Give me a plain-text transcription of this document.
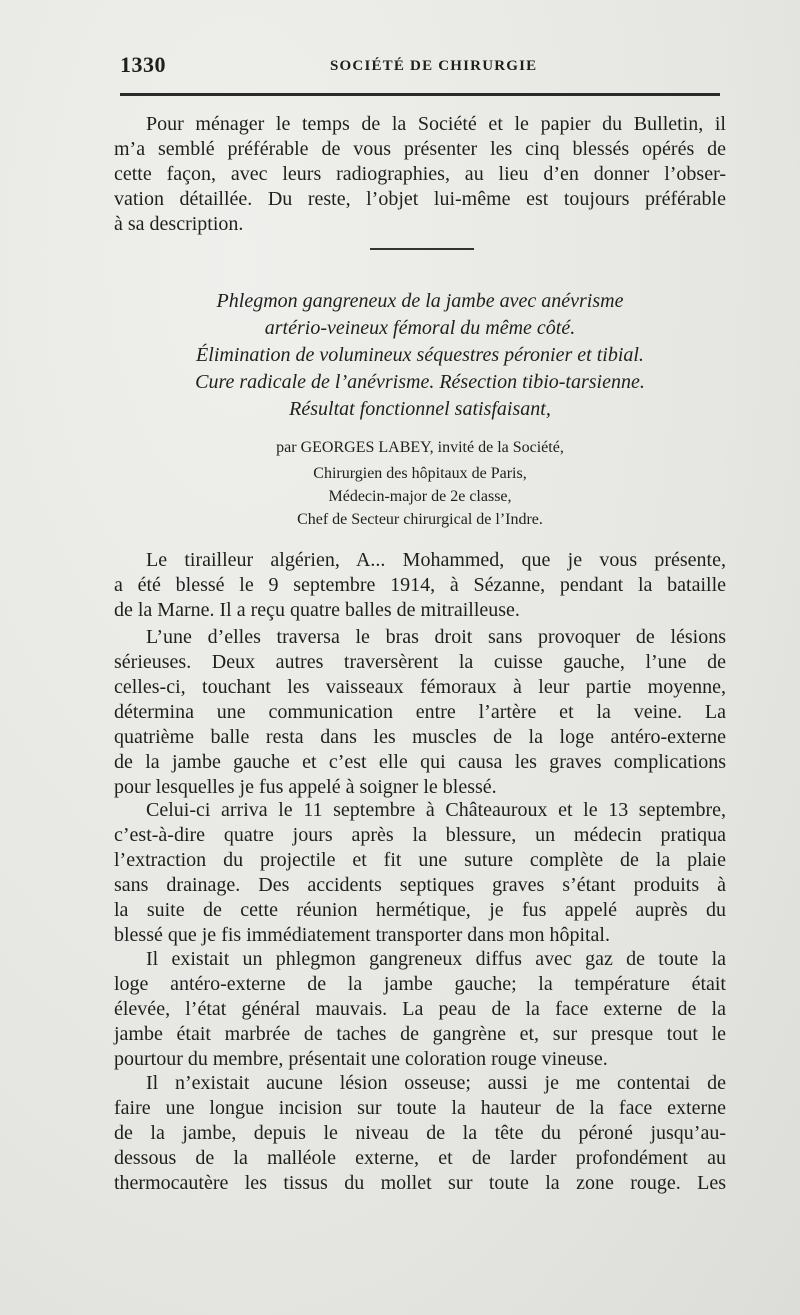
1330	SOCIÉTÉ DE CHIRURGIE

Pour ménager le temps de la Société et le papier du Bulletin, il
m’a semblé préférable de vous présenter les cinq blessés opérés de
cette façon, avec leurs radiographies, au lieu d’en donner l’obser-
vation détaillée. Du reste, l’objet lui-même est toujours préférable
à sa description.

Phlegmon gangreneux de la jambe avec anévrisme
artério-veineux fémoral du même côté.
Élimination de volumineux séquestres péronier et tibial.
Cure radicale de l’anévrisme. Résection tibio-tarsienne.
Résultat fonctionnel satisfaisant,
par GEORGES LABEY, invité de la Société,
Chirurgien des hôpitaux de Paris,
Médecin-major de 2e classe,
Chef de Secteur chirurgical de l’Indre.

Le tirailleur algérien, A... Mohammed, que je vous présente,
a été blessé le 9 septembre 1914, à Sézanne, pendant la bataille
de la Marne. Il a reçu quatre balles de mitrailleuse.

L’une d’elles traversa le bras droit sans provoquer de lésions
sérieuses. Deux autres traversèrent la cuisse gauche, l’une de
celles-ci, touchant les vaisseaux fémoraux à leur partie moyenne,
détermina une communication entre l’artère et la veine. La
quatrième balle resta dans les muscles de la loge antéro-externe
de la jambe gauche et c’est elle qui causa les graves complications
pour lesquelles je fus appelé à soigner le blessé.

Celui-ci arriva le 11 septembre à Châteauroux et le 13 septembre,
c’est-à-dire quatre jours après la blessure, un médecin pratiqua
l’extraction du projectile et fit une suture complète de la plaie
sans drainage. Des accidents septiques graves s’étant produits à
la suite de cette réunion hermétique, je fus appelé auprès du
blessé que je fis immédiatement transporter dans mon hôpital.

Il existait un phlegmon gangreneux diffus avec gaz de toute la
loge antéro-externe de la jambe gauche; la température était
élevée, l’état général mauvais. La peau de la face externe de la
jambe était marbrée de taches de gangrène et, sur presque tout le
pourtour du membre, présentait une coloration rouge vineuse.

Il n’existait aucune lésion osseuse; aussi je me contentai de
faire une longue incision sur toute la hauteur de la face externe
de la jambe, depuis le niveau de la tête du péroné jusqu’au-
dessous de la malléole externe, et de larder profondément au
thermocautère les tissus du mollet sur toute la zone rouge. Les
